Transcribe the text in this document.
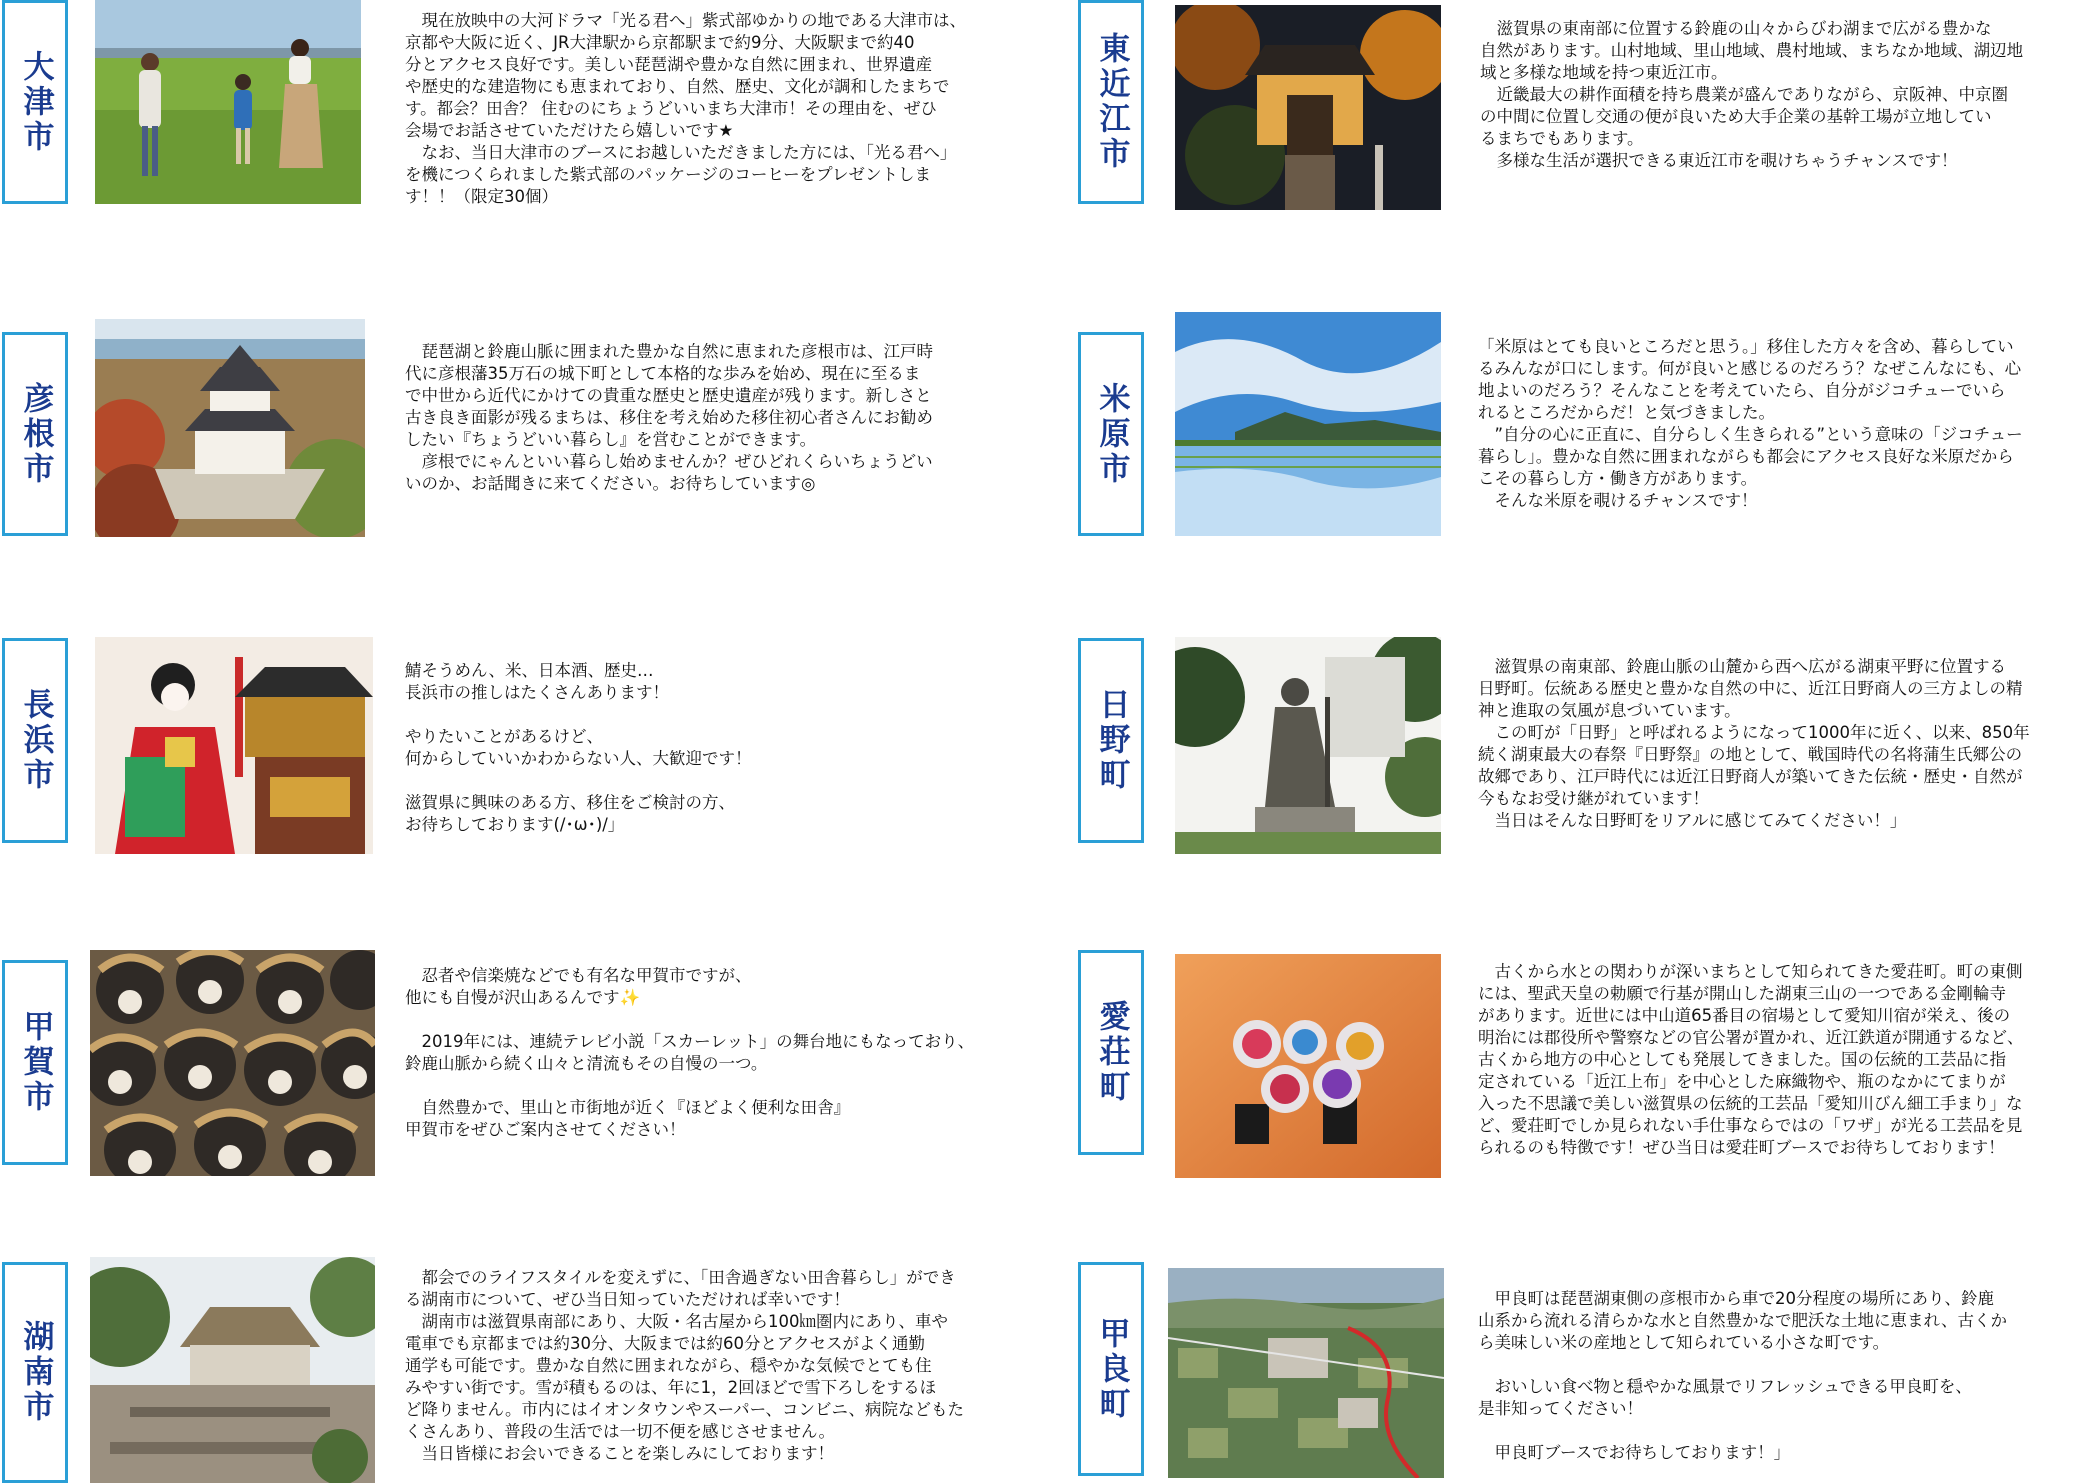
大津市

　現在放映中の大河ドラマ「光る君へ」紫式部ゆかりの地である大津市は、
京都や大阪に近く、JR大津駅から京都駅まで約9分、大阪駅まで約40
分とアクセス良好です。美しい琵琶湖や豊かな自然に囲まれ、世界遺産
や歴史的な建造物にも恵まれており、自然、歴史、文化が調和したまちで
す。都会？田舎？ 住むのにちょうどいいまち大津市！その理由を、ぜひ
会場でお話させていただけたら嬉しいです★
　なお、当日大津市のブースにお越しいただきました方には、「光る君へ」
を機につくられました紫式部のパッケージのコーヒーをプレゼントしま
す！！（限定30個）

彦根市

　琵琶湖と鈴鹿山脈に囲まれた豊かな自然に恵まれた彦根市は、江戸時
代に彦根藩35万石の城下町として本格的な歩みを始め、現在に至るま
で中世から近代にかけての貴重な歴史と歴史遺産が残ります。新しさと
古き良き面影が残るまちは、移住を考え始めた移住初心者さんにお勧め
したい『ちょうどいい暮らし』を営むことができます。
　彦根でにゃんといい暮らし始めませんか？ぜひどれくらいちょうどい
いのか、お話聞きに来てください。お待ちしています◎

長浜市

鯖そうめん、米、日本酒、歴史…
長浜市の推しはたくさんあります！

やりたいことがあるけど、
何からしていいかわからない人、大歓迎です！

滋賀県に興味のある方、移住をご検討の方、
お待ちしております(/･ω･)/」

甲賀市

　忍者や信楽焼などでも有名な甲賀市ですが、
他にも自慢が沢山あるんです✨

　2019年には、連続テレビ小説「スカーレット」の舞台地にもなっており、
鈴鹿山脈から続く山々と清流もその自慢の一つ。

　自然豊かで、里山と市街地が近く『ほどよく便利な田舎』
甲賀市をぜひご案内させてください！

湖南市

　都会でのライフスタイルを変えずに、「田舎過ぎない田舎暮らし」ができ
る湖南市について、ぜひ当日知っていただければ幸いです！
　湖南市は滋賀県南部にあり、大阪・名古屋から100㎞圏内にあり、車や
電車でも京都までは約30分、大阪までは約60分とアクセスがよく通勤
通学も可能です。豊かな自然に囲まれながら、穏やかな気候でとても住
みやすい街です。雪が積もるのは、年に1，2回ほどで雪下ろしをするほ
ど降りません。市内にはイオンタウンやスーパー、コンビニ、病院などもた
くさんあり、普段の生活では一切不便を感じさせません。
　当日皆様にお会いできることを楽しみにしております！

東近江市

　滋賀県の東南部に位置する鈴鹿の山々からびわ湖まで広がる豊かな
自然があります。山村地域、里山地域、農村地域、まちなか地域、湖辺地
域と多様な地域を持つ東近江市。
　近畿最大の耕作面積を持ち農業が盛んでありながら、京阪神、中京圏
の中間に位置し交通の便が良いため大手企業の基幹工場が立地してい
るまちでもあります。
　多様な生活が選択できる東近江市を覗けちゃうチャンスです！

米原市

「米原はとても良いところだと思う。」移住した方々を含め、暮らしてい
るみんなが口にします。何が良いと感じるのだろう？なぜこんなにも、心
地よいのだろう？そんなことを考えていたら、自分がジコチューでいら
れるところだからだ！と気づきました。
　”自分の心に正直に、自分らしく生きられる”という意味の「ジコチュー
暮らし」。豊かな自然に囲まれながらも都会にアクセス良好な米原だから
こその暮らし方・働き方があります。
　そんな米原を覗けるチャンスです！

日野町

　滋賀県の南東部、鈴鹿山脈の山麓から西へ広がる湖東平野に位置する
日野町。伝統ある歴史と豊かな自然の中に、近江日野商人の三方よしの精
神と進取の気風が息づいています。
　この町が「日野」と呼ばれるようになって1000年に近く、以来、850年
続く湖東最大の春祭『日野祭』の地として、戦国時代の名将蒲生氏郷公の
故郷であり、江戸時代には近江日野商人が築いてきた伝統・歴史・自然が
今もなお受け継がれています！
　当日はそんな日野町をリアルに感じてみてください！」

愛荘町

　古くから水との関わりが深いまちとして知られてきた愛荘町。町の東側
には、聖武天皇の勅願で行基が開山した湖東三山の一つである金剛輪寺
があります。近世には中山道65番目の宿場として愛知川宿が栄え、後の
明治には郡役所や警察などの官公署が置かれ、近江鉄道が開通するなど、
古くから地方の中心としても発展してきました。国の伝統的工芸品に指
定されている「近江上布」を中心とした麻織物や、瓶のなかにてまりが
入った不思議で美しい滋賀県の伝統的工芸品「愛知川びん細工手まり」な
ど、愛荘町でしか見られない手仕事ならではの「ワザ」が光る工芸品を見
られるのも特徴です！ぜひ当日は愛荘町ブースでお待ちしております！

甲良町

　甲良町は琵琶湖東側の彦根市から車で20分程度の場所にあり、鈴鹿
山系から流れる清らかな水と自然豊かなで肥沃な土地に恵まれ、古くか
ら美味しい米の産地として知られている小さな町です。

　おいしい食べ物と穏やかな風景でリフレッシュできる甲良町を、
是非知ってください！

　甲良町ブースでお待ちしております！」
